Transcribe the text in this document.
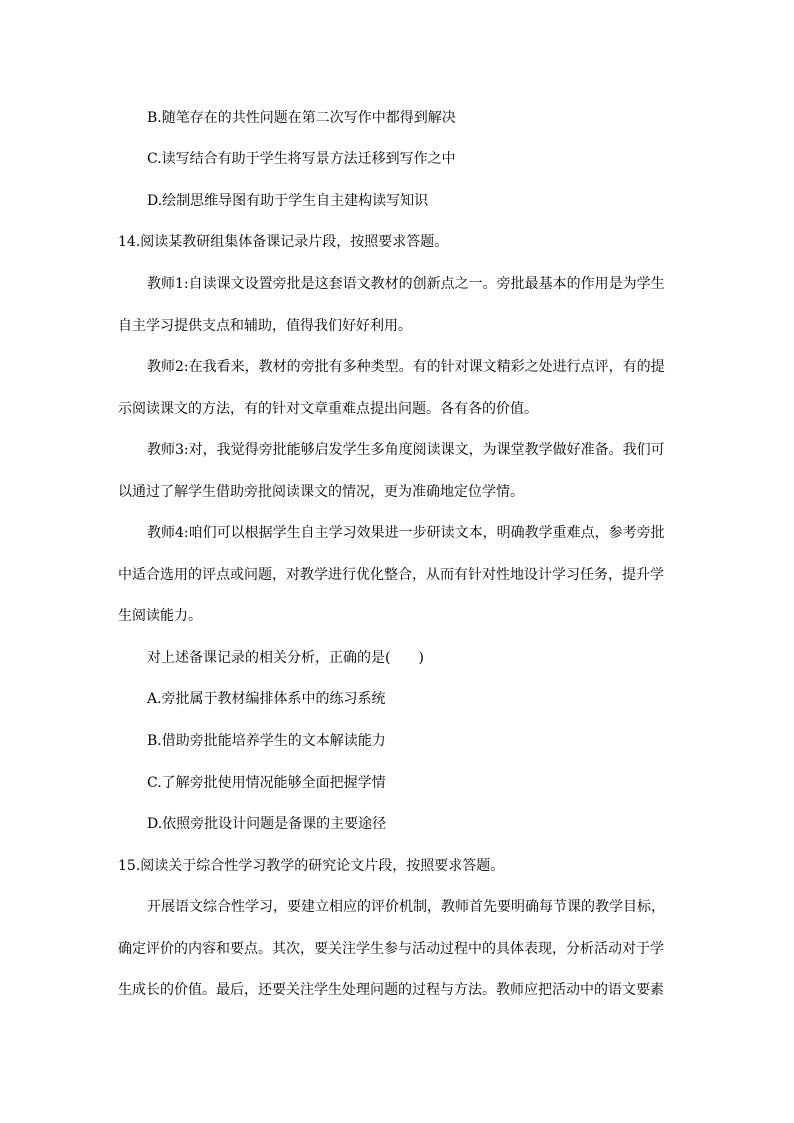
B.随笔存在的共性问题在第二次写作中都得到解决
C.读写结合有助于学生将写景方法迁移到写作之中
D.绘制思维导图有助于学生自主建构读写知识
14.阅读某教研组集体备课记录片段，按照要求答题。
教师1:自读课文设置旁批是这套语文教材的创新点之一。旁批最基本的作用是为学生
自主学习提供支点和辅助，值得我们好好利用。
教师2:在我看来，教材的旁批有多种类型。有的针对课文精彩之处进行点评，有的提
示阅读课文的方法，有的针对文章重难点提出问题。各有各的价值。
教师3:对，我觉得旁批能够启发学生多角度阅读课文，为课堂教学做好准备。我们可
以通过了解学生借助旁批阅读课文的情况，更为准确地定位学情。
教师4:咱们可以根据学生自主学习效果进一步研读文本，明确教学重难点，参考旁批
中适合选用的评点或问题，对教学进行优化整合，从而有针对性地设计学习任务，提升学
生阅读能力。
对上述备课记录的相关分析，正确的是(　　)
A.旁批属于教材编排体系中的练习系统
B.借助旁批能培养学生的文本解读能力
C.了解旁批使用情况能够全面把握学情
D.依照旁批设计问题是备课的主要途径
15.阅读关于综合性学习教学的研究论文片段，按照要求答题。
开展语文综合性学习，要建立相应的评价机制，教师首先要明确每节课的教学目标，
确定评价的内容和要点。其次，要关注学生参与活动过程中的具体表现，分析活动对于学
生成长的价值。最后，还要关注学生处理问题的过程与方法。教师应把活动中的语文要素
